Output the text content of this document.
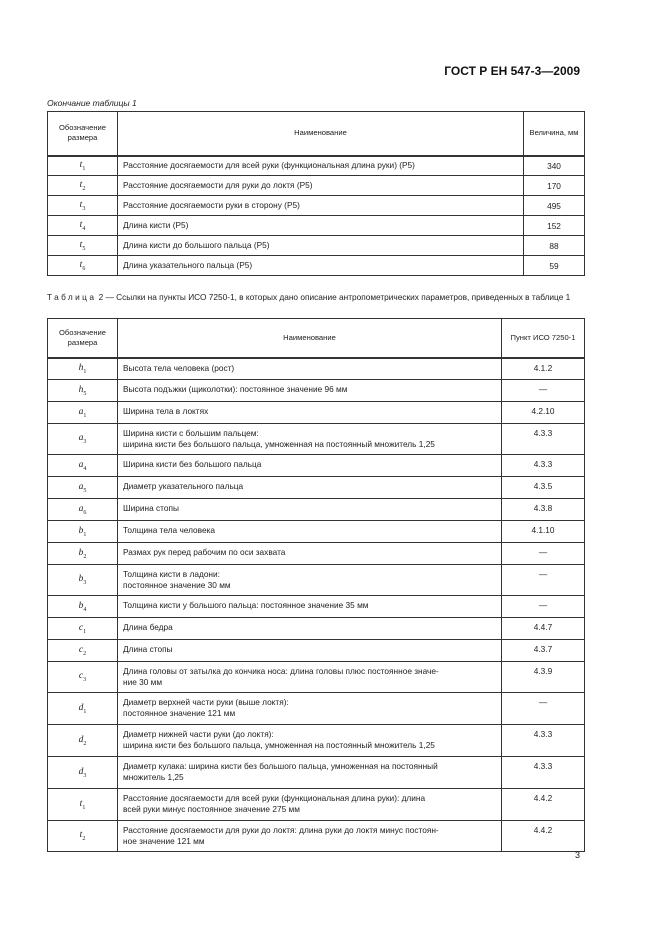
ГОСТ Р ЕН 547-3—2009
Окончание таблицы 1
Обозначение размера	Наименование	Величина, мм
$t_1$	Расстояние досягаемости для всей руки (функциональная длина руки) (Р5)	340
$t_2$	Расстояние досягаемости для руки до локтя (Р5)	170
$t_3$	Расстояние досягаемости руки в сторону (Р5)	495
$t_4$	Длина кисти (Р5)	152
$t_5$	Длина кисти до большого пальца (Р5)	88
$t_6$	Длина указательного пальца (Р5)	59
Таблица 2 — Ссылки на пункты ИСО 7250-1, в которых дано описание антропометрических параметров, приведенных в таблице 1
Обозначение размера	Наименование	Пункт ИСО 7250-1
$h_1$	Высота тела человека (рост)	4.1.2
$h_5$	Высота подъжки (щиколотки): постоянное значение 96 мм	—
$a_1$	Ширина тела в локтях	4.2.10
$a_3$	Ширина кисти с большим пальцем:
ширина кисти без большого пальца, умноженная на постоянный множитель 1,25	4.3.3
$a_4$	Ширина кисти без большого пальца	4.3.3
$a_5$	Диаметр указательного пальца	4.3.5
$a_6$	Ширина стопы	4.3.8
$b_1$	Толщина тела человека	4.1.10
$b_2$	Размах рук перед рабочим по оси захвата	—
$b_3$	Толщина кисти в ладони:
постоянное значение 30 мм	—
$b_4$	Толщина кисти у большого пальца: постоянное значение 35 мм	—
$c_1$	Длина бедра	4.4.7
$c_2$	Длина стопы	4.3.7
$c_3$	Длина головы от затылка до кончика носа: длина головы плюс постоянное значе-
ние 30 мм	4.3.9
$d_1$	Диаметр верхней части руки (выше локтя):
постоянное значение 121 мм	—
$d_2$	Диаметр нижней части руки (до локтя):
ширина кисти без большого пальца, умноженная на постоянный множитель 1,25	4.3.3
$d_3$	Диаметр кулака: ширина кисти без большого пальца, умноженная на постоянный
множитель 1,25	4.3.3
$t_1$	Расстояние досягаемости для всей руки (функциональная длина руки): длина
всей руки минус постоянное значение 275 мм	4.4.2
$t_2$	Расстояние досягаемости для руки до локтя: длина руки до локтя минус постоян-
ное значение 121 мм	4.4.2
3
